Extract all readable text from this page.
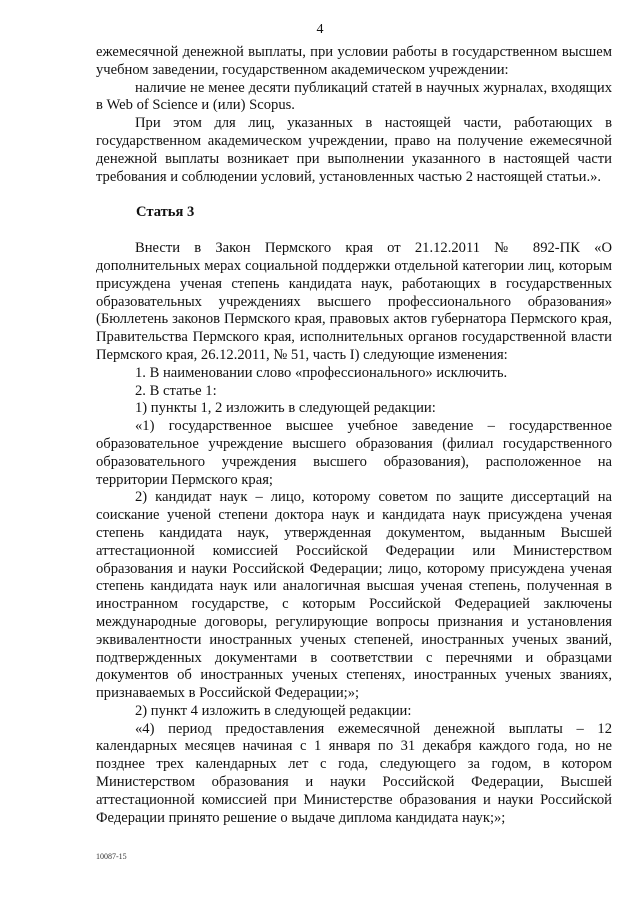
4

ежемесячной денежной выплаты, при условии работы в государственном высшем учебном заведении, государственном академическом учреждении:

наличие не менее десяти публикаций статей в научных журналах, входящих в Web of Science и (или) Scopus.

При этом для лиц, указанных в настоящей части, работающих в государственном академическом учреждении, право на получение ежемесячной денежной выплаты возникает при выполнении указанного в настоящей части требования и соблюдении условий, установленных частью 2 настоящей статьи.».

Статья 3

Внести в Закон Пермского края от 21.12.2011 № 892-ПК «О дополнительных мерах социальной поддержки отдельной категории лиц, которым присуждена ученая степень кандидата наук, работающих в государственных образовательных учреждениях высшего профессионального образования» (Бюллетень законов Пермского края, правовых актов губернатора Пермского края, Правительства Пермского края, исполнительных органов государственной власти Пермского края, 26.12.2011, № 51, часть I) следующие изменения:

1. В наименовании слово «профессионального» исключить.

2. В статье 1:

1) пункты 1, 2 изложить в следующей редакции:

«1) государственное высшее учебное заведение – государственное образовательное учреждение высшего образования (филиал государственного образовательного учреждения высшего образования), расположенное на территории Пермского края;

2) кандидат наук – лицо, которому советом по защите диссертаций на соискание ученой степени доктора наук и кандидата наук присуждена ученая степень кандидата наук, утвержденная документом, выданным Высшей аттестационной комиссией Российской Федерации или Министерством образования и науки Российской Федерации; лицо, которому присуждена ученая степень кандидата наук или аналогичная высшая ученая степень, полученная в иностранном государстве, с которым Российской Федерацией заключены международные договоры, регулирующие вопросы признания и установления эквивалентности иностранных ученых степеней, иностранных ученых званий, подтвержденных документами в соответствии с перечнями и образцами документов об иностранных ученых степенях, иностранных ученых званиях, признаваемых в Российской Федерации;»;

2) пункт 4 изложить в следующей редакции:

«4) период предоставления ежемесячной денежной выплаты – 12 календарных месяцев начиная с 1 января по 31 декабря каждого года, но не позднее трех календарных лет с года, следующего за годом, в котором Министерством образования и науки Российской Федерации, Высшей аттестационной комиссией при Министерстве образования и науки Российской Федерации принято решение о выдаче диплома кандидата наук;»;

10087-15
